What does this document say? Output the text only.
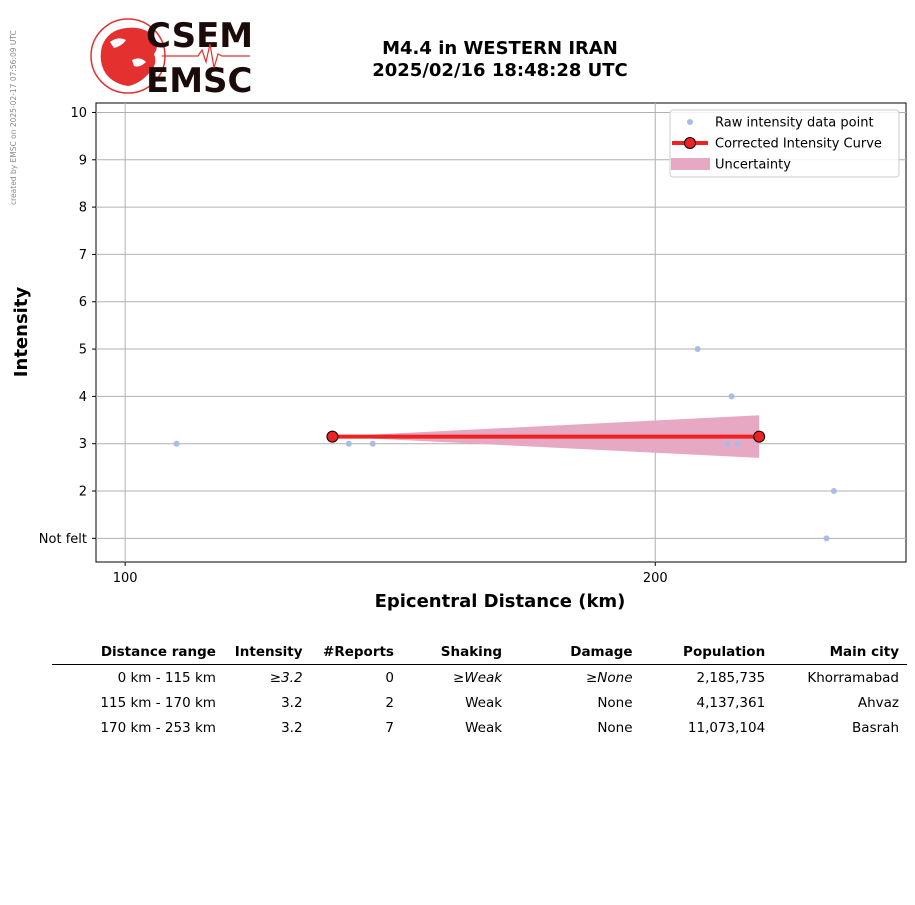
created by EMSC on 2025-02-17 07:56:09 UTC	CSEM
EMSC
M4.4 in WESTERN IRAN
2025/02/16 18:48:28 UTC
Not felt
2
3
4
5
6
7
8
9
10
100	200
Intensity
Epicentral Distance (km)
Raw intensity data point
Corrected Intensity Curve
Uncertainty
Distance range	Intensity	#Reports	Shaking	Damage	Population	Main city
0 km - 115 km	≥3.2	0	≥Weak	≥None	2,185,735	Khorramabad
115 km - 170 km	3.2	2	Weak	None	4,137,361	Ahvaz
170 km - 253 km	3.2	7	Weak	None	11,073,104	Basrah
